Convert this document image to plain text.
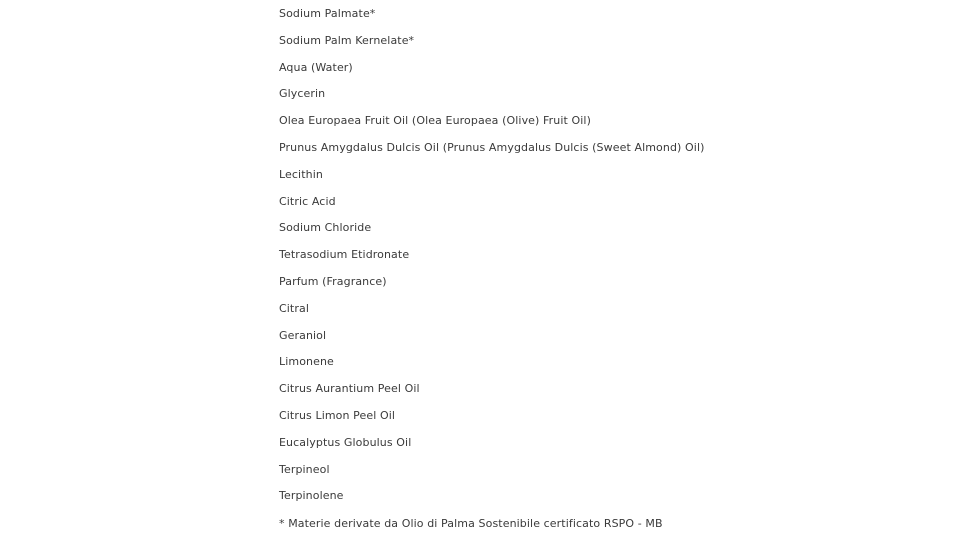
Sodium Palmate*
Sodium Palm Kernelate*
Aqua (Water)
Glycerin
Olea Europaea Fruit Oil (Olea Europaea (Olive) Fruit Oil)
Prunus Amygdalus Dulcis Oil (Prunus Amygdalus Dulcis (Sweet Almond) Oil)
Lecithin
Citric Acid
Sodium Chloride
Tetrasodium Etidronate
Parfum (Fragrance)
Citral
Geraniol
Limonene
Citrus Aurantium Peel Oil
Citrus Limon Peel Oil
Eucalyptus Globulus Oil
Terpineol
Terpinolene
* Materie derivate da Olio di Palma Sostenibile certificato RSPO - MB
